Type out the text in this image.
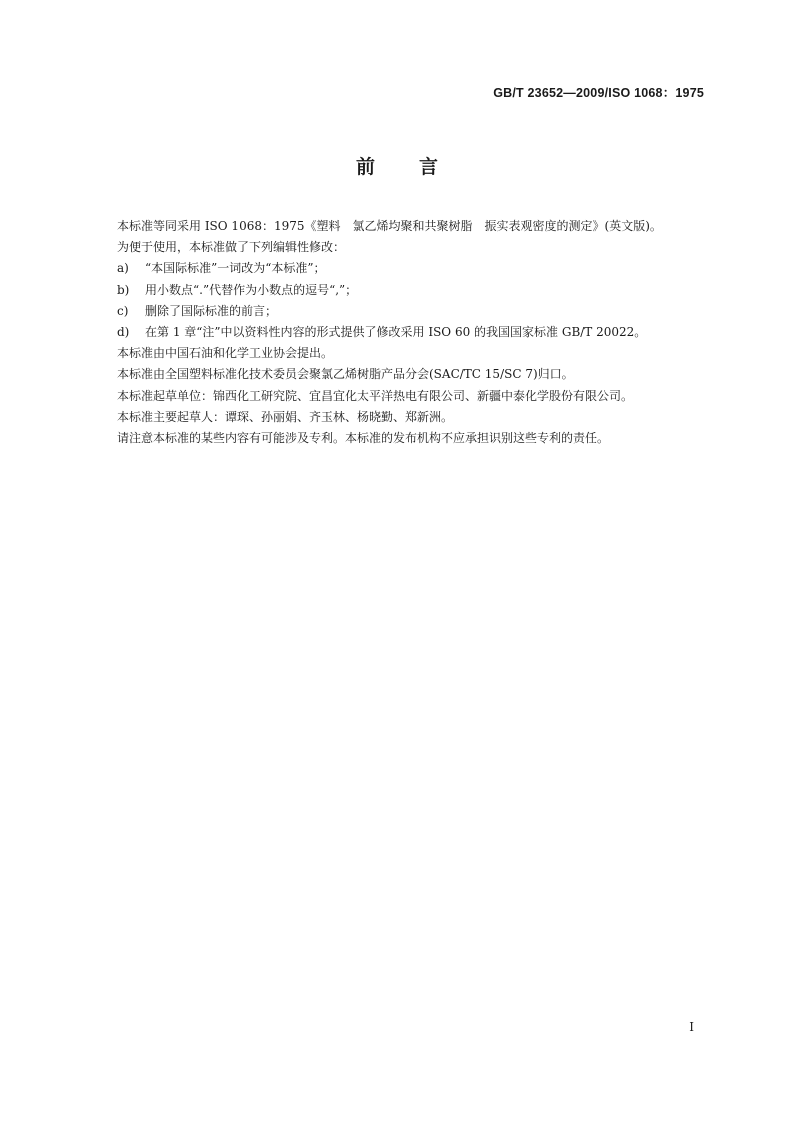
GB/T 23652—2009/ISO 1068：1975
前言
本标准等同采用 ISO 1068：1975《塑料　氯乙烯均聚和共聚树脂　振实表观密度的测定》(英文版)。
为便于使用，本标准做了下列编辑性修改：
a)	“本国际标准”一词改为“本标准”；
b)	用小数点“.”代替作为小数点的逗号“,”；
c)	删除了国际标准的前言；
d)	在第 1 章“注”中以资料性内容的形式提供了修改采用 ISO 60 的我国国家标准 GB/T 20022。
本标准由中国石油和化学工业协会提出。
本标准由全国塑料标准化技术委员会聚氯乙烯树脂产品分会(SAC/TC 15/SC 7)归口。
本标准起草单位：锦西化工研究院、宜昌宜化太平洋热电有限公司、新疆中泰化学股份有限公司。
本标准主要起草人：谭琛、孙丽娟、齐玉林、杨晓勤、郑新洲。
请注意本标准的某些内容有可能涉及专利。本标准的发布机构不应承担识别这些专利的责任。
I
